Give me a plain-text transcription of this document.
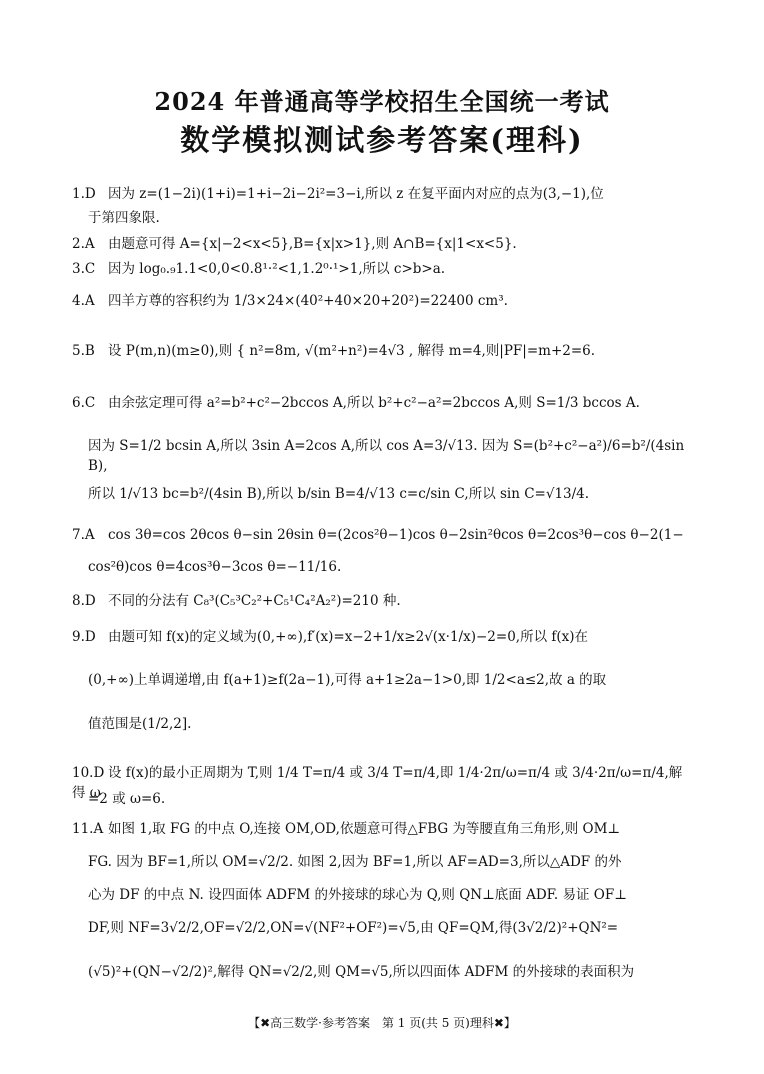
2024 年普通高等学校招生全国统一考试
数学模拟测试参考答案(理科)
1.D 因为 z=(1−2i)(1+i)=1+i−2i−2i²=3−i,所以 z 在复平面内对应的点为(3,−1),位
于第四象限.
2.A 由题意可得 A={x|−2<x<5},B={x|x>1},则 A∩B={x|1<x<5}.
3.C 因为 log₀.₉1.1<0,0<0.8¹·²<1,1.2⁰·¹>1,所以 c>b>a.
4.A 四羊方尊的容积约为 1/3×24×(40²+40×20+20²)=22400 cm³.
5.B 设 P(m,n)(m≥0),则 { n²=8m, √(m²+n²)=4√3 , 解得 m=4,则|PF|=m+2=6.
6.C 由余弦定理可得 a²=b²+c²−2bccos A,所以 b²+c²−a²=2bccos A,则 S=1/3 bccos A.
因为 S=1/2 bcsin A,所以 3sin A=2cos A,所以 cos A=3/√13. 因为 S=(b²+c²−a²)/6=b²/(4sin B),
所以 1/√13 bc=b²/(4sin B),所以 b/sin B=4/√13 c=c/sin C,所以 sin C=√13/4.
7.A cos 3θ=cos 2θcos θ−sin 2θsin θ=(2cos²θ−1)cos θ−2sin²θcos θ=2cos³θ−cos θ−2(1−
cos²θ)cos θ=4cos³θ−3cos θ=−11/16.
8.D 不同的分法有 C₈³(C₅³C₂²+C₅¹C₄²A₂²)=210 种.
9.D 由题可知 f(x)的定义域为(0,+∞),f′(x)=x−2+1/x≥2√(x·1/x)−2=0,所以 f(x)在
(0,+∞)上单调递增,由 f(a+1)≥f(2a−1),可得 a+1≥2a−1>0,即 1/2<a≤2,故 a 的取
值范围是(1/2,2].
10.D 设 f(x)的最小正周期为 T,则 1/4 T=π/4 或 3/4 T=π/4,即 1/4·2π/ω=π/4 或 3/4·2π/ω=π/4,解得 ω
=2 或 ω=6.
11.A 如图 1,取 FG 的中点 O,连接 OM,OD,依题意可得△FBG 为等腰直角三角形,则 OM⊥
FG. 因为 BF=1,所以 OM=√2/2. 如图 2,因为 BF=1,所以 AF=AD=3,所以△ADF 的外
心为 DF 的中点 N. 设四面体 ADFM 的外接球的球心为 Q,则 QN⊥底面 ADF. 易证 OF⊥
DF,则 NF=3√2/2,OF=√2/2,ON=√(NF²+OF²)=√5,由 QF=QM,得(3√2/2)²+QN²=
(√5)²+(QN−√2/2)²,解得 QN=√2/2,则 QM=√5,所以四面体 ADFM 的外接球的表面积为
【✖高三数学·参考答案　第 1 页(共 5 页)理科✖】
